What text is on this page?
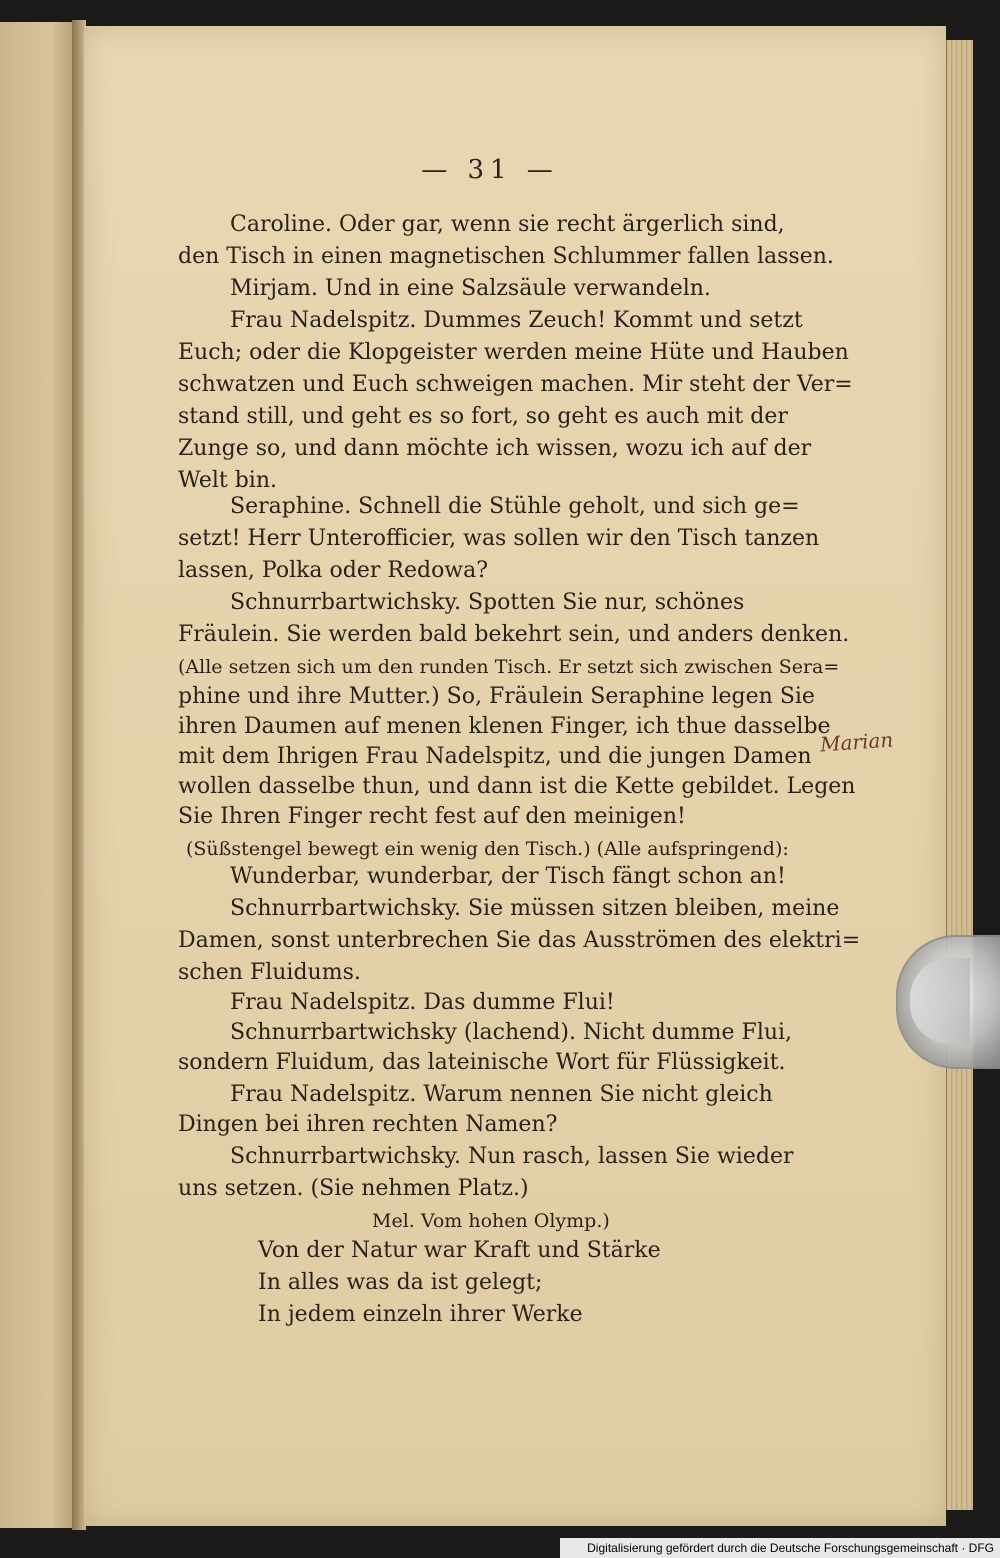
— 31 —
Caroline. Oder gar, wenn sie recht ärgerlich sind,
den Tisch in einen magnetischen Schlummer fallen lassen.
Mirjam. Und in eine Salzsäule verwandeln.
Frau Nadelspitz. Dummes Zeuch! Kommt und setzt
Euch; oder die Klopgeister werden meine Hüte und Hauben
schwatzen und Euch schweigen machen. Mir steht der Ver=
stand still, und geht es so fort, so geht es auch mit der
Zunge so, und dann möchte ich wissen, wozu ich auf der
Welt bin.
Seraphine. Schnell die Stühle geholt, und sich ge=
setzt! Herr Unterofficier, was sollen wir den Tisch tanzen
lassen, Polka oder Redowa?
Schnurrbartwichsky. Spotten Sie nur, schönes
Fräulein. Sie werden bald bekehrt sein, und anders denken.
(Alle setzen sich um den runden Tisch. Er setzt sich zwischen Sera=
phine und ihre Mutter.) So, Fräulein Seraphine legen Sie
ihren Daumen auf menen klenen Finger, ich thue dasselbe
mit dem Ihrigen Frau Nadelspitz, und die jungen Damen
wollen dasselbe thun, und dann ist die Kette gebildet. Legen
Sie Ihren Finger recht fest auf den meinigen!
(Süßstengel bewegt ein wenig den Tisch.) (Alle aufspringend):
Wunderbar, wunderbar, der Tisch fängt schon an!
Schnurrbartwichsky. Sie müssen sitzen bleiben, meine
Damen, sonst unterbrechen Sie das Ausströmen des elektri=
schen Fluidums.
Frau Nadelspitz. Das dumme Flui!
Schnurrbartwichsky (lachend). Nicht dumme Flui,
sondern Fluidum, das lateinische Wort für Flüssigkeit.
Frau Nadelspitz. Warum nennen Sie nicht gleich
Dingen bei ihren rechten Namen?
Schnurrbartwichsky. Nun rasch, lassen Sie wieder
uns setzen. (Sie nehmen Platz.)
Mel. Vom hohen Olymp.)
Von der Natur war Kraft und Stärke
In alles was da ist gelegt;
In jedem einzeln ihrer Werke
Marian
Digitalisierung gefördert durch die Deutsche Forschungsgemeinschaft · DFG
